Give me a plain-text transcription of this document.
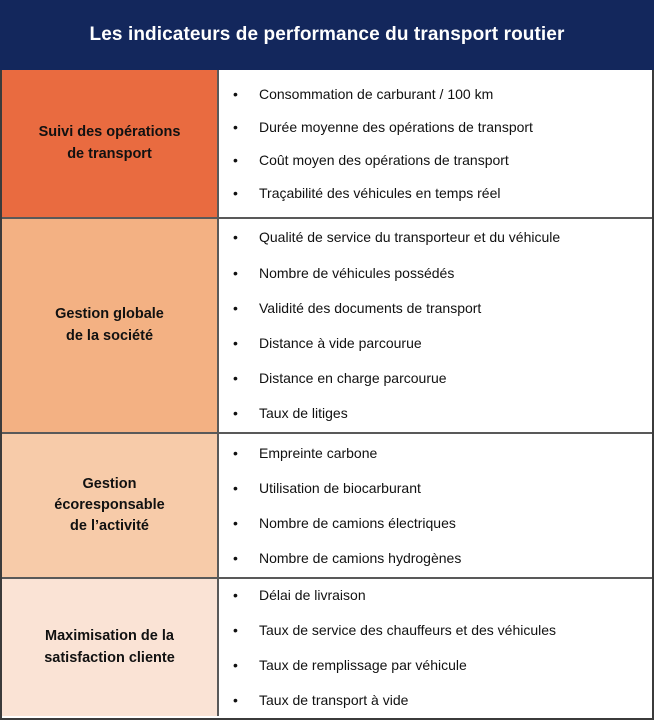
Les indicateurs de performance du transport routier
Suivi des opérations
de transport
•	Consommation de carburant / 100 km
•	Durée moyenne des opérations de transport
•	Coût moyen des opérations de transport
•	Traçabilité des véhicules en temps réel
Gestion globale
de la société
•	Qualité de service du transporteur et du véhicule
•	Nombre de véhicules possédés
•	Validité des documents de transport
•	Distance à vide parcourue
•	Distance en charge parcourue
•	Taux de litiges
Gestion
écoresponsable
de l’activité
•	Empreinte carbone
•	Utilisation de biocarburant
•	Nombre de camions électriques
•	Nombre de camions hydrogènes
Maximisation de la
satisfaction cliente
•	Délai de livraison
•	Taux de service des chauffeurs et des véhicules
•	Taux de remplissage par véhicule
•	Taux de transport à vide
